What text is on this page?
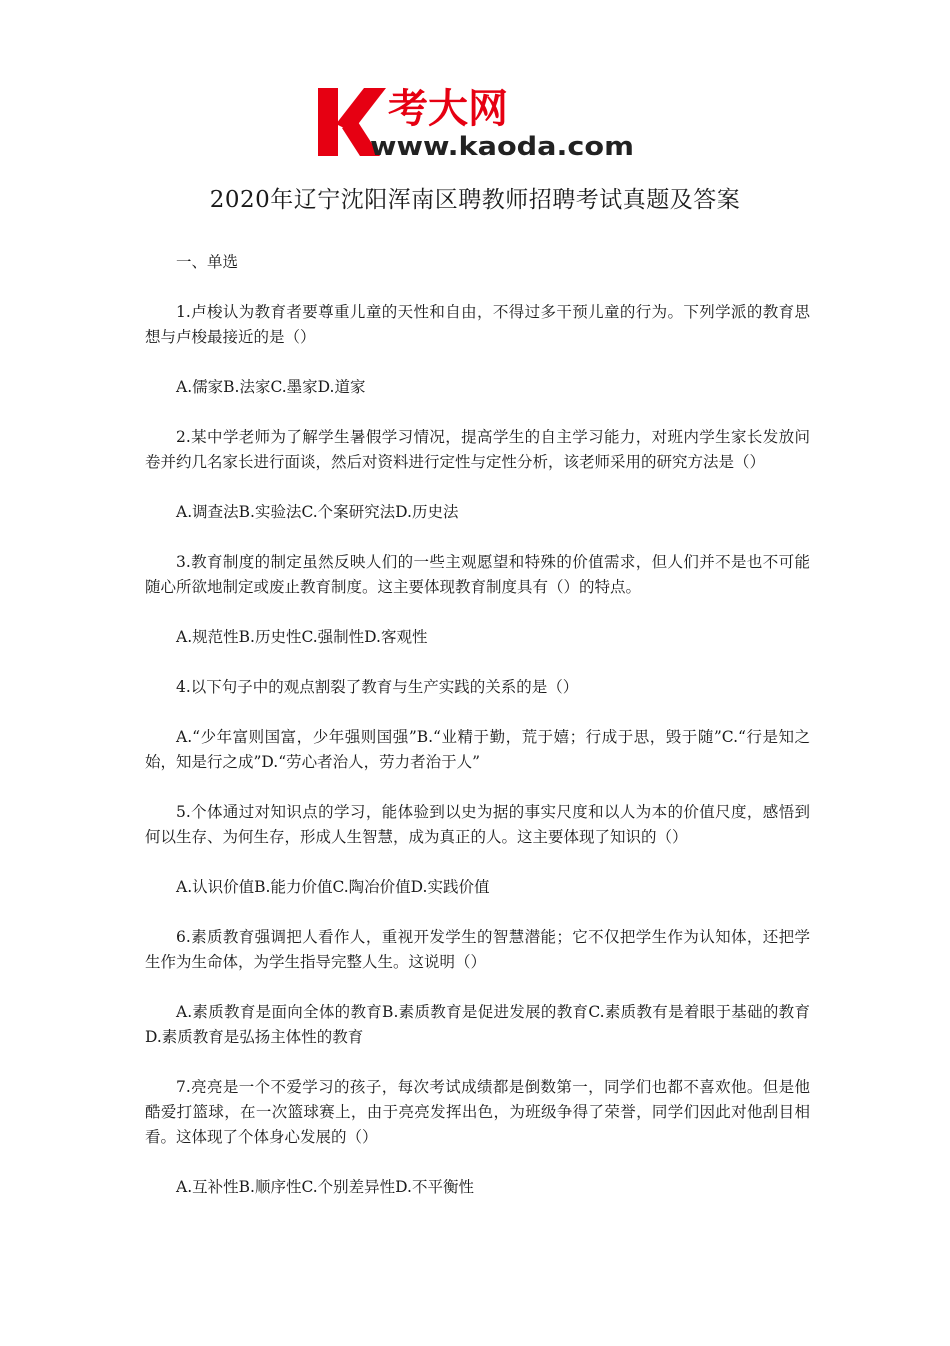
考大网
www.kaoda.com
2020年辽宁沈阳浑南区聘教师招聘考试真题及答案
一、单选
1.卢梭认为教育者要尊重儿童的天性和自由，不得过多干预儿童的行为。下列学派的教育思想与卢梭最接近的是（）
A.儒家B.法家C.墨家D.道家
2.某中学老师为了解学生暑假学习情况，提高学生的自主学习能力，对班内学生家长发放问卷并约几名家长进行面谈，然后对资料进行定性与定性分析，该老师采用的研究方法是（）
A.调查法B.实验法C.个案研究法D.历史法
3.教育制度的制定虽然反映人们的一些主观愿望和特殊的价值需求，但人们并不是也不可能随心所欲地制定或废止教育制度。这主要体现教育制度具有（）的特点。
A.规范性B.历史性C.强制性D.客观性
4.以下句子中的观点割裂了教育与生产实践的关系的是（）
A.“少年富则国富，少年强则国强”B.“业精于勤，荒于嬉；行成于思，毁于随”C.“行是知之始，知是行之成”D.“劳心者治人，劳力者治于人”
5.个体通过对知识点的学习，能体验到以史为据的事实尺度和以人为本的价值尺度，感悟到何以生存、为何生存，形成人生智慧，成为真正的人。这主要体现了知识的（）
A.认识价值B.能力价值C.陶冶价值D.实践价值
6.素质教育强调把人看作人，重视开发学生的智慧潜能；它不仅把学生作为认知体，还把学生作为生命体，为学生指导完整人生。这说明（）
A.素质教育是面向全体的教育B.素质教育是促进发展的教育C.素质教有是着眼于基础的教育D.素质教育是弘扬主体性的教育
7.亮亮是一个不爱学习的孩子，每次考试成绩都是倒数第一，同学们也都不喜欢他。但是他酷爱打篮球，在一次篮球赛上，由于亮亮发挥出色，为班级争得了荣誉，同学们因此对他刮目相看。这体现了个体身心发展的（）
A.互补性B.顺序性C.个别差异性D.不平衡性
